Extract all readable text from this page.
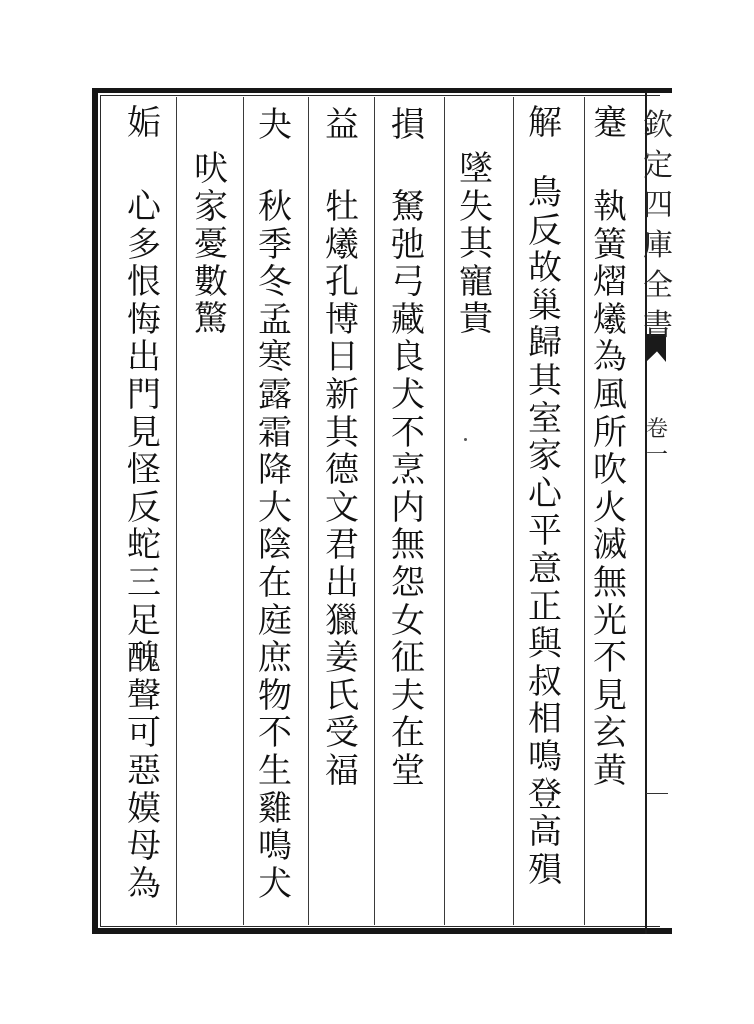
欽
定
四
庫
全
書
卷
一
蹇
執
簧
熠
爔
為
風
所
吹
火
滅
無
光
不
見
玄
黄
解
鳥
反
故
巢
歸
其
室
家
心
平
意
正
與
叔
相
鳴
登
高
殞
墜
失
其
寵
貴
損
駑
弛
弓
藏
良
犬
不
烹
内
無
怨
女
征
夫
在
堂
益
牡
爔
孔
博
日
新
其
德
文
君
出
獵
姜
氏
受
福
夬
秋
季
冬
孟
寒
露
霜
降
大
陰
在
庭
庶
物
不
生
雞
鳴
犬
吠
家
憂
數
驚
姤
心
多
恨
悔
出
門
見
怪
反
蛇
三
足
醜
聲
可
惡
嫫
母
為
